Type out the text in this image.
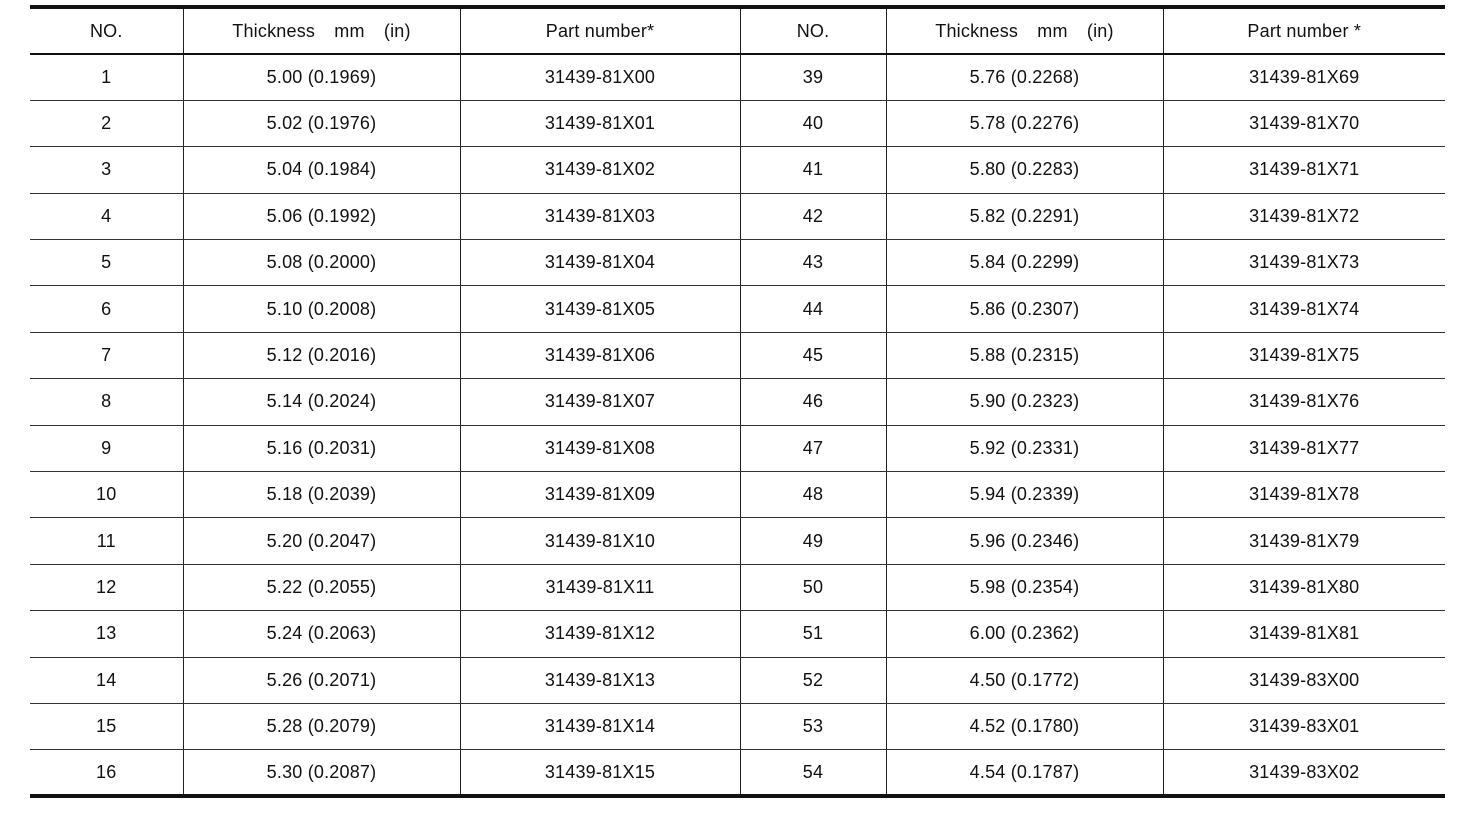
NO.	Thickness mm (in)	Part number*	NO.	Thickness mm (in)	Part number *
1	5.00 (0.1969)	31439-81X00	39	5.76 (0.2268)	31439-81X69
2	5.02 (0.1976)	31439-81X01	40	5.78 (0.2276)	31439-81X70
3	5.04 (0.1984)	31439-81X02	41	5.80 (0.2283)	31439-81X71
4	5.06 (0.1992)	31439-81X03	42	5.82 (0.2291)	31439-81X72
5	5.08 (0.2000)	31439-81X04	43	5.84 (0.2299)	31439-81X73
6	5.10 (0.2008)	31439-81X05	44	5.86 (0.2307)	31439-81X74
7	5.12 (0.2016)	31439-81X06	45	5.88 (0.2315)	31439-81X75
8	5.14 (0.2024)	31439-81X07	46	5.90 (0.2323)	31439-81X76
9	5.16 (0.2031)	31439-81X08	47	5.92 (0.2331)	31439-81X77
10	5.18 (0.2039)	31439-81X09	48	5.94 (0.2339)	31439-81X78
11	5.20 (0.2047)	31439-81X10	49	5.96 (0.2346)	31439-81X79
12	5.22 (0.2055)	31439-81X11	50	5.98 (0.2354)	31439-81X80
13	5.24 (0.2063)	31439-81X12	51	6.00 (0.2362)	31439-81X81
14	5.26 (0.2071)	31439-81X13	52	4.50 (0.1772)	31439-83X00
15	5.28 (0.2079)	31439-81X14	53	4.52 (0.1780)	31439-83X01
16	5.30 (0.2087)	31439-81X15	54	4.54 (0.1787)	31439-83X02
